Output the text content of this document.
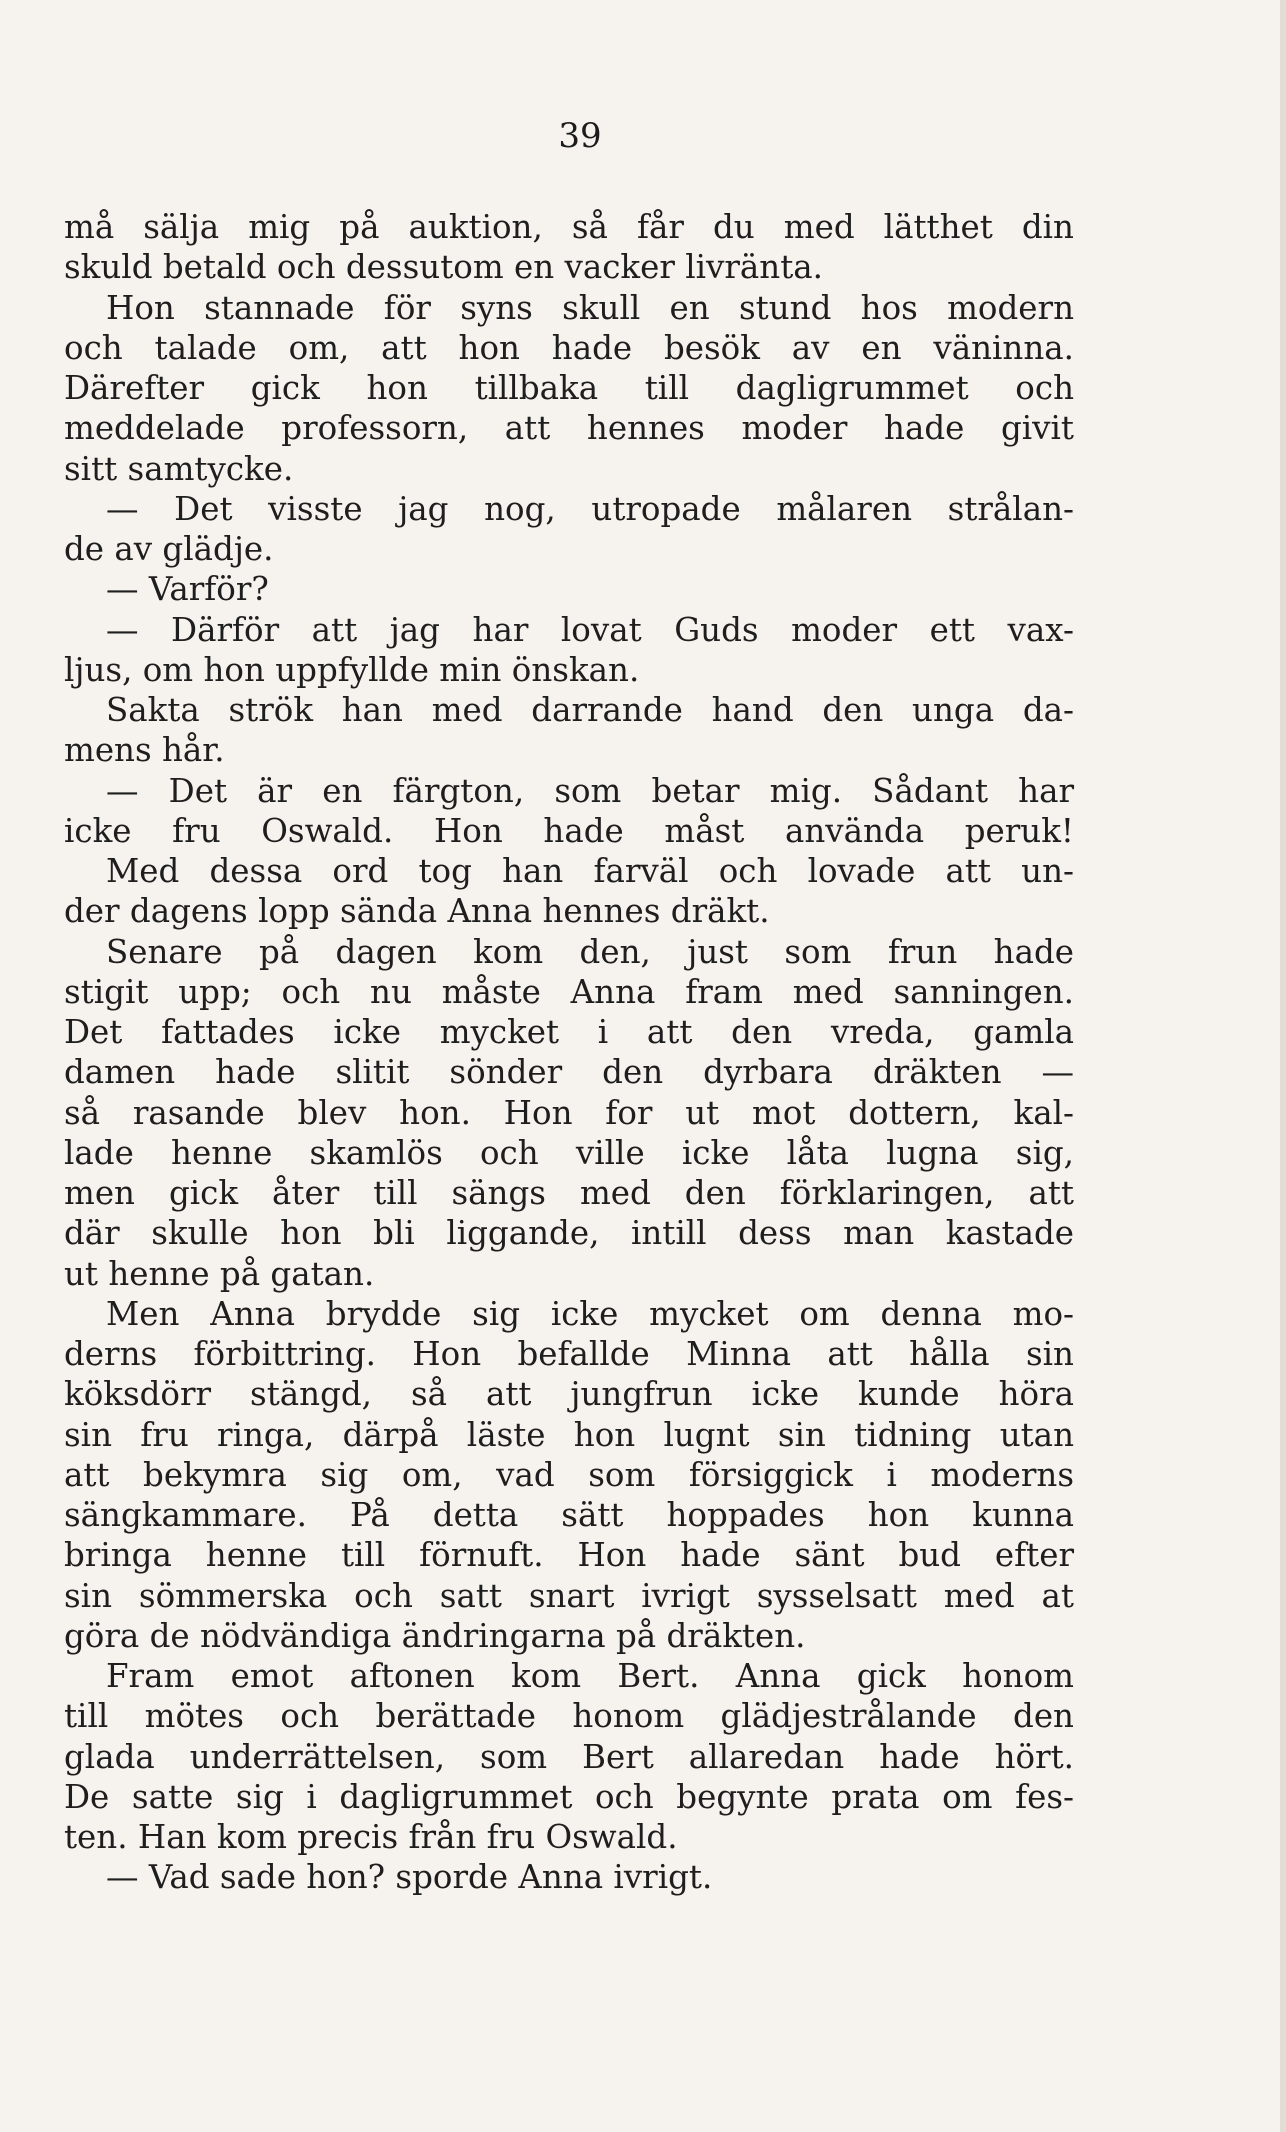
39

må sälja mig på auktion, så får du med lätthet din
skuld betald och dessutom en vacker livränta.
Hon stannade för syns skull en stund hos modern
och talade om, att hon hade besök av en väninna.
Därefter gick hon tillbaka till dagligrummet och
meddelade professorn, att hennes moder hade givit
sitt samtycke.
— Det visste jag nog, utropade målaren strålan-
de av glädje.
— Varför?
— Därför att jag har lovat Guds moder ett vax-
ljus, om hon uppfyllde min önskan.
Sakta strök han med darrande hand den unga da-
mens hår.
— Det är en färgton, som betar mig. Sådant har
icke fru Oswald. Hon hade måst använda peruk!
Med dessa ord tog han farväl och lovade att un-
der dagens lopp sända Anna hennes dräkt.
Senare på dagen kom den, just som frun hade
stigit upp; och nu måste Anna fram med sanningen.
Det fattades icke mycket i att den vreda, gamla
damen hade slitit sönder den dyrbara dräkten —
så rasande blev hon. Hon for ut mot dottern, kal-
lade henne skamlös och ville icke låta lugna sig,
men gick åter till sängs med den förklaringen, att
där skulle hon bli liggande, intill dess man kastade
ut henne på gatan.
Men Anna brydde sig icke mycket om denna mo-
derns förbittring. Hon befallde Minna att hålla sin
köksdörr stängd, så att jungfrun icke kunde höra
sin fru ringa, därpå läste hon lugnt sin tidning utan
att bekymra sig om, vad som försiggick i moderns
sängkammare. På detta sätt hoppades hon kunna
bringa henne till förnuft. Hon hade sänt bud efter
sin sömmerska och satt snart ivrigt sysselsatt med at
göra de nödvändiga ändringarna på dräkten.
Fram emot aftonen kom Bert. Anna gick honom
till mötes och berättade honom glädjestrålande den
glada underrättelsen, som Bert allaredan hade hört.
De satte sig i dagligrummet och begynte prata om fes-
ten. Han kom precis från fru Oswald.
— Vad sade hon? sporde Anna ivrigt.
